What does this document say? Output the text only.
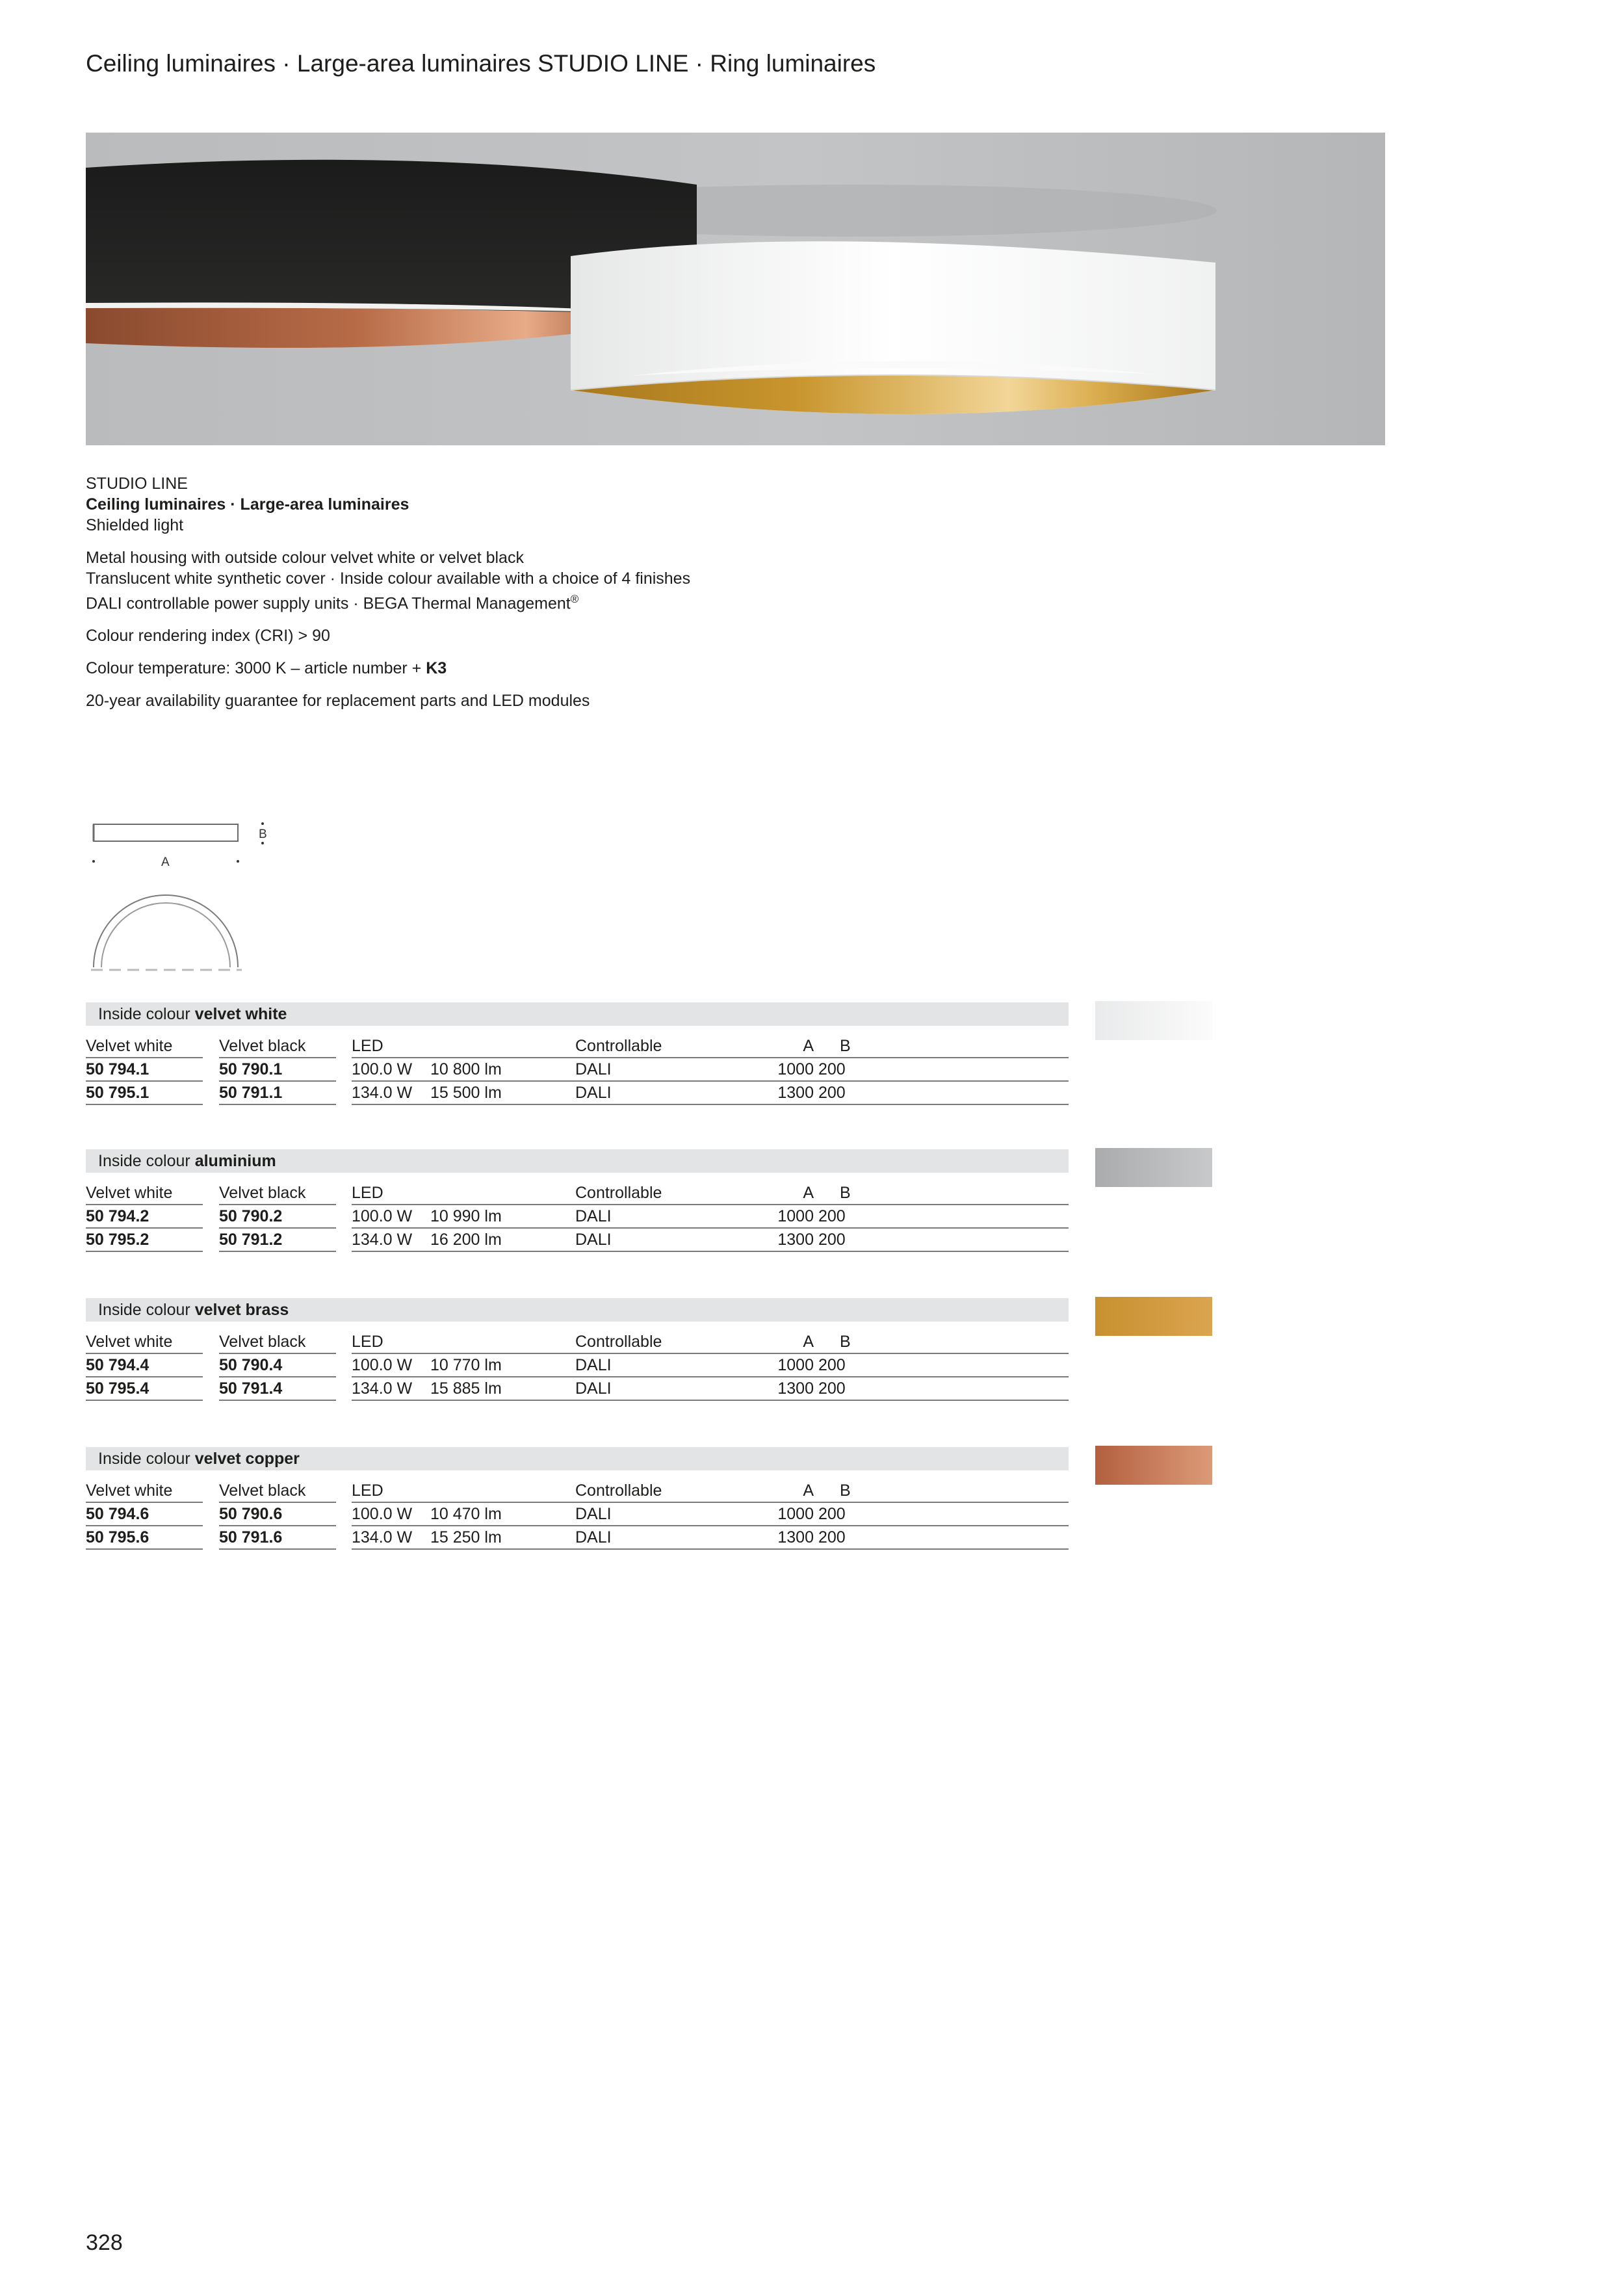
Ceiling luminaires · Large-area luminaires STUDIO LINE · Ring luminaires

STUDIO LINE

Ceiling luminaires · Large-area luminaires

Shielded light

Metal housing with outside colour velvet white or velvet black

Translucent white synthetic cover · Inside colour available with a choice of 4 finishes

DALI controllable power supply units · BEGA Thermal Management®

Colour rendering index (CRI) > 90

Colour temperature: 3000 K – article number + K3

20-year availability guarantee for replacement parts and LED modules

B
A
Inside colour velvet white
Velvet white	Velvet black	LED	Controllable	A B
50 794.1	50 790.1	100.0 W 10 800 lm	DALI	1000 200
50 795.1	50 791.1	134.0 W 15 500 lm	DALI	1300 200
Inside colour aluminium
Velvet white	Velvet black	LED	Controllable	A B
50 794.2	50 790.2	100.0 W 10 990 lm	DALI	1000 200
50 795.2	50 791.2	134.0 W 16 200 lm	DALI	1300 200
Inside colour velvet brass
Velvet white	Velvet black	LED	Controllable	A B
50 794.4	50 790.4	100.0 W 10 770 lm	DALI	1000 200
50 795.4	50 791.4	134.0 W 15 885 lm	DALI	1300 200
Inside colour velvet copper
Velvet white	Velvet black	LED	Controllable	A B
50 794.6	50 790.6	100.0 W 10 470 lm	DALI	1000 200
50 795.6	50 791.6	134.0 W 15 250 lm	DALI	1300 200
328
